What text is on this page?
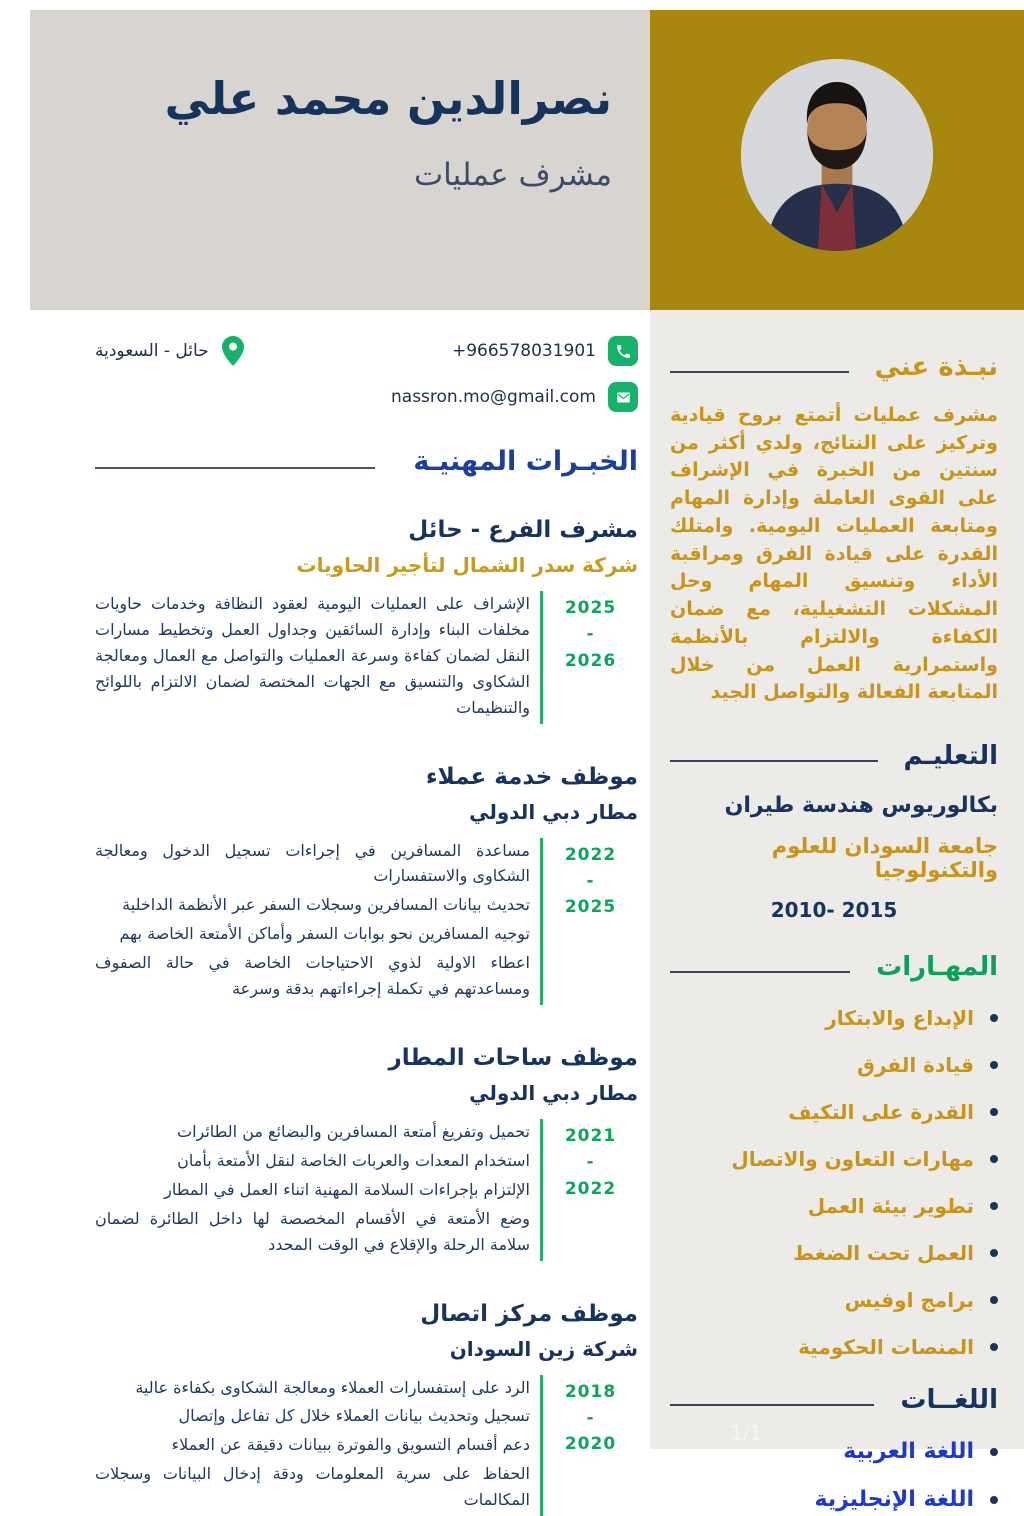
نصرالدين محمد علي
مشرف عمليات
نبـذة عني

مشرف عمليات أتمتع بروح قيادية وتركيز على النتائج، ولدي أكثر من سنتين من الخبرة في الإشراف على القوى العاملة وإدارة المهام ومتابعة العمليات اليومية. وامتلك القدرة على قيادة الفرق ومراقبة الأداء وتنسيق المهام وحل المشكلات التشغيلية، مع ضمان الكفاءة والالتزام بالأنظمة واستمرارية العمل من خلال المتابعة الفعالة والتواصل الجيد

التعليـم
بكالوريوس هندسة طيران
جامعة السودان للعلوم والتكنولوجيا
2010- 2015
المهـارات
الإبداع والابتكار
قيادة الفرق
القدرة على التكيف
مهارات التعاون والاتصال
تطوير بيئة العمل
العمل تحت الضغط
برامج اوفيس
المنصات الحكومية
اللغــات
اللغة العربية
اللغة الإنجليزية
1/1
+966578031901
حائل - السعودية
nassron.mo@gmail.com
الخبـرات المهنيـة
مشرف الفرع - حائل
شركة سدر الشمال لتأجير الحاويات
2025
-
2026
الإشراف على العمليات اليومية لعقود النظافة وخدمات حاويات مخلفات البناء وإدارة السائقين وجداول العمل وتخطيط مسارات النقل لضمان كفاءة وسرعة العمليات والتواصل مع العمال ومعالجة الشكاوى والتنسيق مع الجهات المختصة لضمان الالتزام باللوائح والتنظيمات
موظف خدمة عملاء
مطار دبي الدولي
2022
-
2025
مساعدة المسافرين في إجراءات تسجيل الدخول ومعالجة الشكاوى والاستفسارات
تحديث بيانات المسافرين وسجلات السفر عبر الأنظمة الداخلية
توجيه المسافرين نحو بوابات السفر وأماكن الأمتعة الخاصة بهم
اعطاء الاولية لذوي الاحتياجات الخاصة في حالة الصفوف ومساعدتهم في تكملة إجراءاتهم بدقة وسرعة
موظف ساحات المطار
مطار دبي الدولي
2021
-
2022
تحميل وتفريغ أمتعة المسافرين والبضائع من الطائرات
استخدام المعدات والعربات الخاصة لنقل الأمتعة بأمان
الإلتزام بإجراءات السلامة المهنية اتناء العمل في المطار
وضع الأمتعة في الأقسام المخصصة لها داخل الطائرة لضمان سلامة الرحلة والإقلاع في الوقت المحدد
موظف مركز اتصال
شركة زين السودان
2018
-
2020
الرد على إستفسارات العملاء ومعالجة الشكاوى بكفاءة عالية
تسجيل وتحديث بيانات العملاء خلال كل تفاعل وإتصال
دعم أقسام التسويق والفوترة ببيانات دقيقة عن العملاء
الحفاظ على سرية المعلومات ودقة إدخال البيانات وسجلات المكالمات
